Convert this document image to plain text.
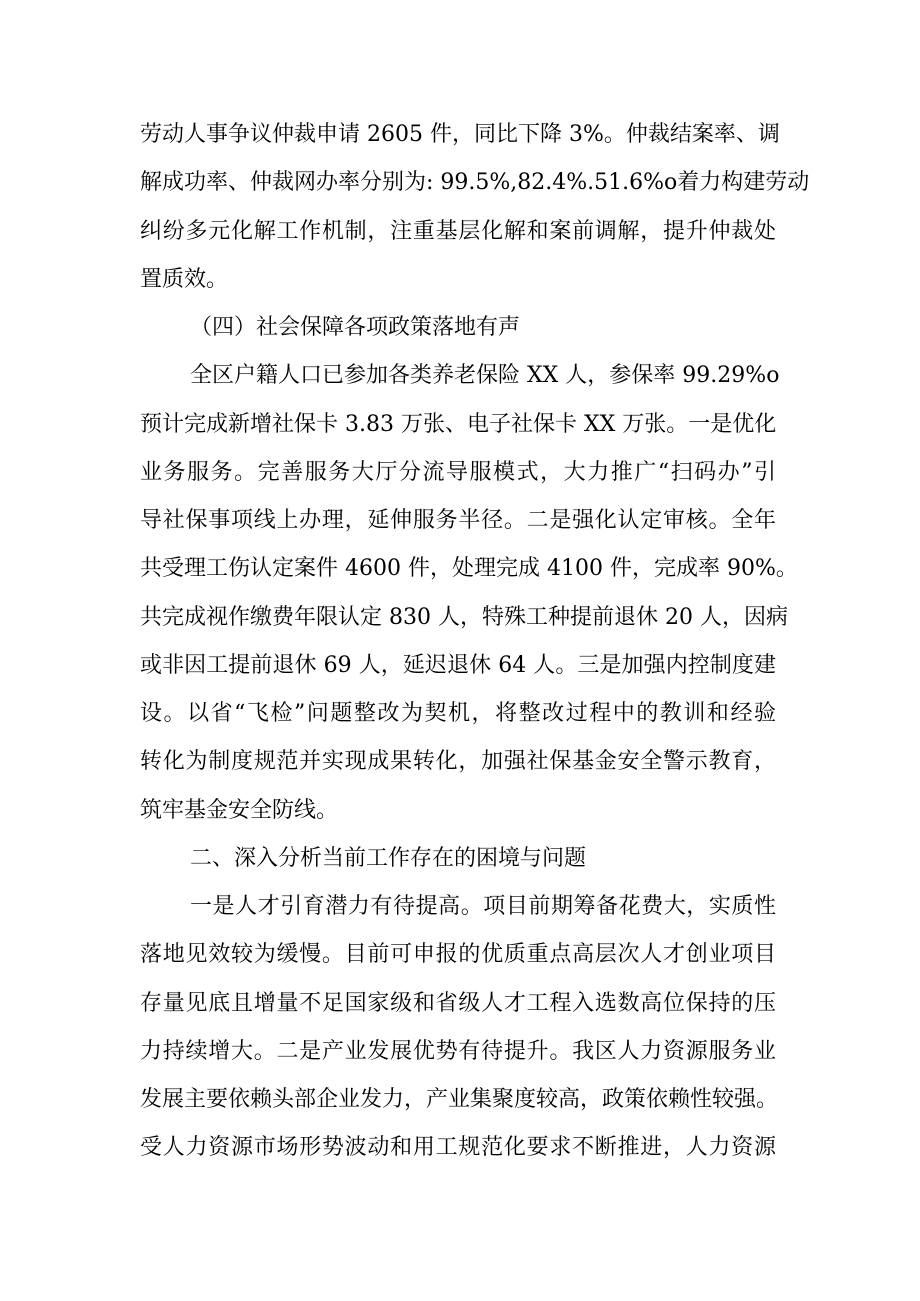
劳动人事争议仲裁申请 2605 件，同比下降 3%。仲裁结案率、调
解成功率、仲裁网办率分别为: 99.5%,82.4%.51.6%o着力构建劳动
纠纷多元化解工作机制，注重基层化解和案前调解，提升仲裁处
置质效。
（四）社会保障各项政策落地有声
全区户籍人口已参加各类养老保险 XX 人，参保率 99.29%o
预计完成新增社保卡 3.83 万张、电子社保卡 XX 万张。一是优化
业务服务。完善服务大厅分流导服模式，大力推广“扫码办”引
导社保事项线上办理，延伸服务半径。二是强化认定审核。全年
共受理工伤认定案件 4600 件，处理完成 4100 件，完成率 90%。
共完成视作缴费年限认定 830 人，特殊工种提前退休 20 人，因病
或非因工提前退休 69 人，延迟退休 64 人。三是加强内控制度建
设。以省“飞检”问题整改为契机，将整改过程中的教训和经验
转化为制度规范并实现成果转化，加强社保基金安全警示教育，
筑牢基金安全防线。
二、深入分析当前工作存在的困境与问题
一是人才引育潜力有待提高。项目前期筹备花费大，实质性
落地见效较为缓慢。目前可申报的优质重点高层次人才创业项目
存量见底且增量不足国家级和省级人才工程入选数高位保持的压
力持续增大。二是产业发展优势有待提升。我区人力资源服务业
发展主要依赖头部企业发力，产业集聚度较高，政策依赖性较强。
受人力资源市场形势波动和用工规范化要求不断推进，人力资源
